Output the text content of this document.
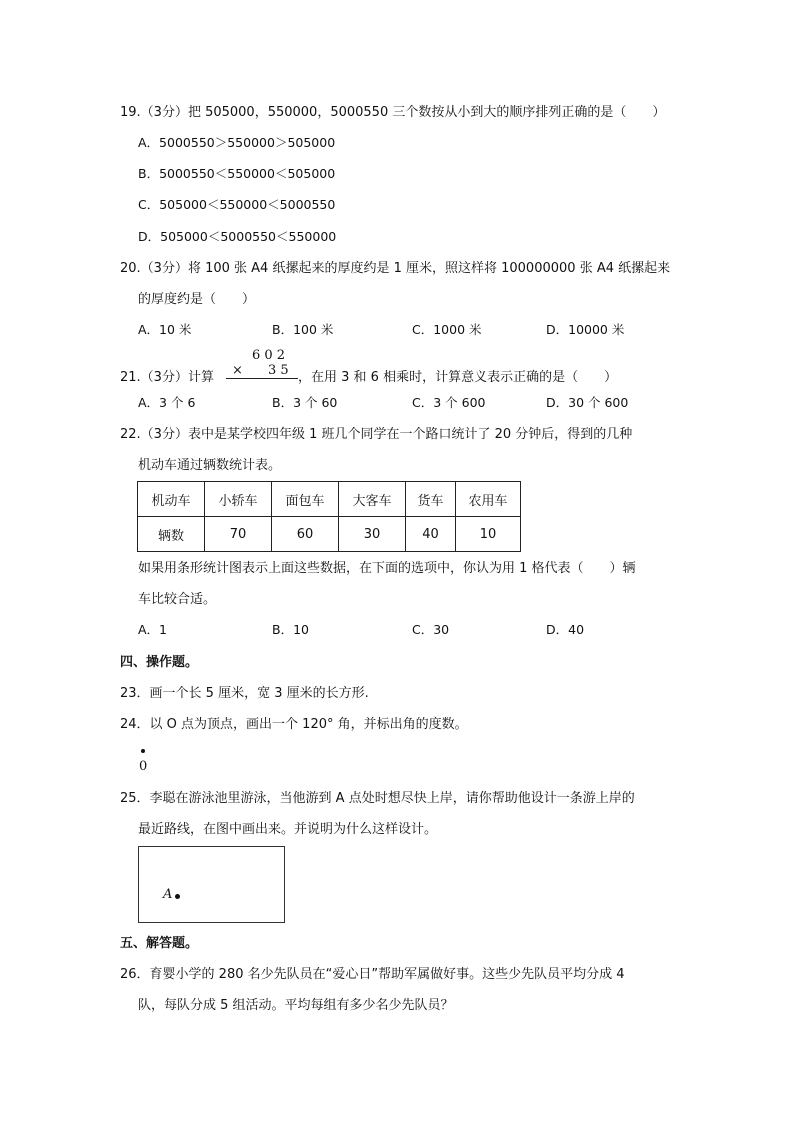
19.（3分）把 505000，550000，5000550 三个数按从小到大的顺序排列正确的是（　　）
A．5000550＞550000＞505000
B．5000550＜550000＜505000
C．505000＜550000＜5000550
D．505000＜5000550＜550000
20.（3分）将 100 张 A4 纸摞起来的厚度约是 1 厘米，照这样将 100000000 张 A4 纸摞起来
的厚度约是（　　）
A．10 米	B．100 米	C．1000 米	D．10000 米
21.（3分）计算
6 0 2
× 3 5 ，在用 3 和 6 相乘时，计算意义表示正确的是（　　）
A．3 个 6	B．3 个 60	C．3 个 600	D．30 个 600
22.（3分）表中是某学校四年级 1 班几个同学在一个路口统计了 20 分钟后，得到的几种
机动车通过辆数统计表。
机动车	小轿车	面包车	大客车	货车	农用车
辆数	70	60	30	40	10
如果用条形统计图表示上面这些数据，在下面的选项中，你认为用 1 格代表（　　）辆
车比较合适。
A．1	B．10	C．30	D．40
四、操作题。
23．画一个长 5 厘米，宽 3 厘米的长方形.
24．以 O 点为顶点，画出一个 120° 角，并标出角的度数。
0
25．李聪在游泳池里游泳，当他游到 A 点处时想尽快上岸，请你帮助他设计一条游上岸的
最近路线，在图中画出来。并说明为什么这样设计。
A
五、解答题。
26．育婴小学的 280 名少先队员在“爱心日”帮助军属做好事。这些少先队员平均分成 4
队，每队分成 5 组活动。平均每组有多少名少先队员？
